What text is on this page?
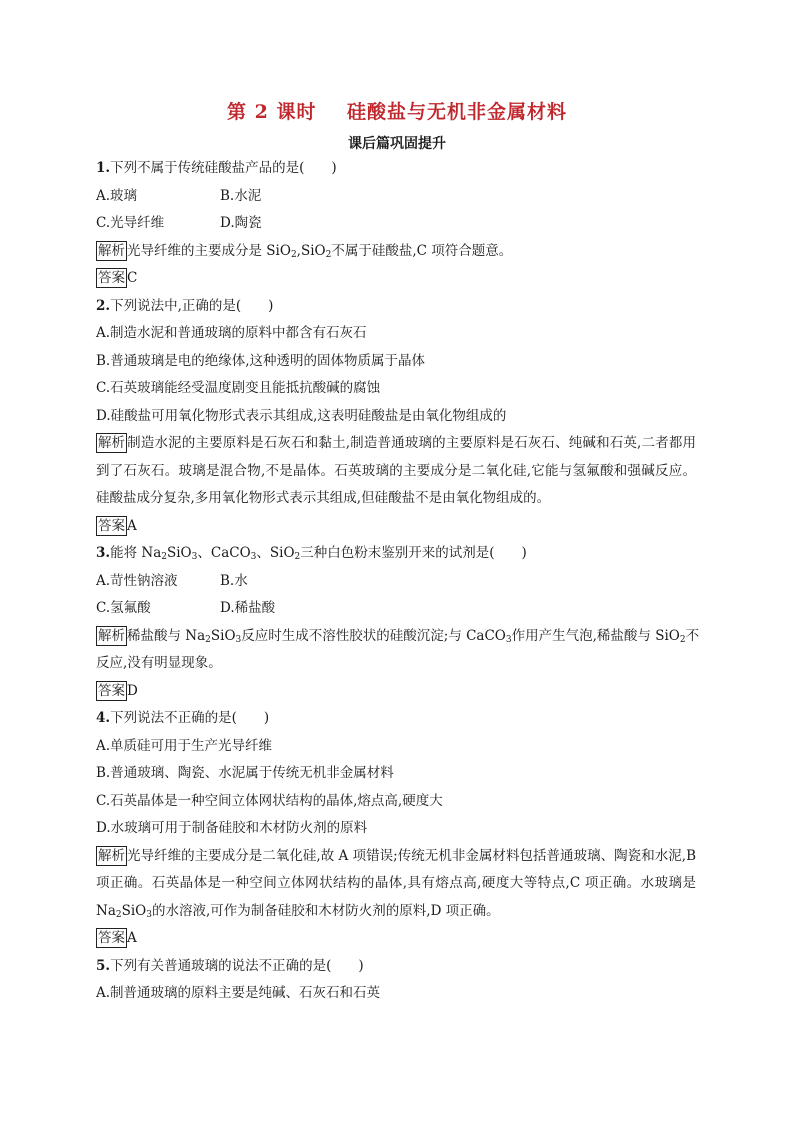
第 2 课时    硅酸盐与无机非金属材料
课后篇巩固提升
1.下列不属于传统硅酸盐产品的是(　　)
A.玻璃	B.水泥
C.光导纤维	D.陶瓷
解析 光导纤维的主要成分是 SiO$_2$,SiO$_2$不属于硅酸盐,C 项符合题意。
答案 C
2.下列说法中,正确的是(　　)
A.制造水泥和普通玻璃的原料中都含有石灰石
B.普通玻璃是电的绝缘体,这种透明的固体物质属于晶体
C.石英玻璃能经受温度剧变且能抵抗酸碱的腐蚀
D.硅酸盐可用氧化物形式表示其组成,这表明硅酸盐是由氧化物组成的
解析 制造水泥的主要原料是石灰石和黏土,制造普通玻璃的主要原料是石灰石、纯碱和石英,二者都用到了石灰石。玻璃是混合物,不是晶体。石英玻璃的主要成分是二氧化硅,它能与氢氟酸和强碱反应。硅酸盐成分复杂,多用氧化物形式表示其组成,但硅酸盐不是由氧化物组成的。
答案 A
3.能将 $Na_2SiO_3$、CaCO$_3$、SiO$_2$三种白色粉末鉴别开来的试剂是(　　)
A.苛性钠溶液	B.水
C.氢氟酸	D.稀盐酸
解析 稀盐酸与 $Na_2SiO_3$反应时生成不溶性胶状的硅酸沉淀;与 CaCO$_3$作用产生气泡,稀盐酸与 SiO$_2$不
反应,没有明显现象。
答案 D
4.下列说法不正确的是(　　)
A.单质硅可用于生产光导纤维
B.普通玻璃、陶瓷、水泥属于传统无机非金属材料
C.石英晶体是一种空间立体网状结构的晶体,熔点高,硬度大
D.水玻璃可用于制备硅胶和木材防火剂的原料
解析 光导纤维的主要成分是二氧化硅,故 A 项错误;传统无机非金属材料包括普通玻璃、陶瓷和水泥,B 项正确。石英晶体是一种空间立体网状结构的晶体,具有熔点高,硬度大等特点,C 项正确。水玻璃是 $Na_2SiO_3$的水溶液,可作为制备硅胶和木材防火剂的原料,D 项正确。
答案 A
5.下列有关普通玻璃的说法不正确的是(　　)
A.制普通玻璃的原料主要是纯碱、石灰石和石英
